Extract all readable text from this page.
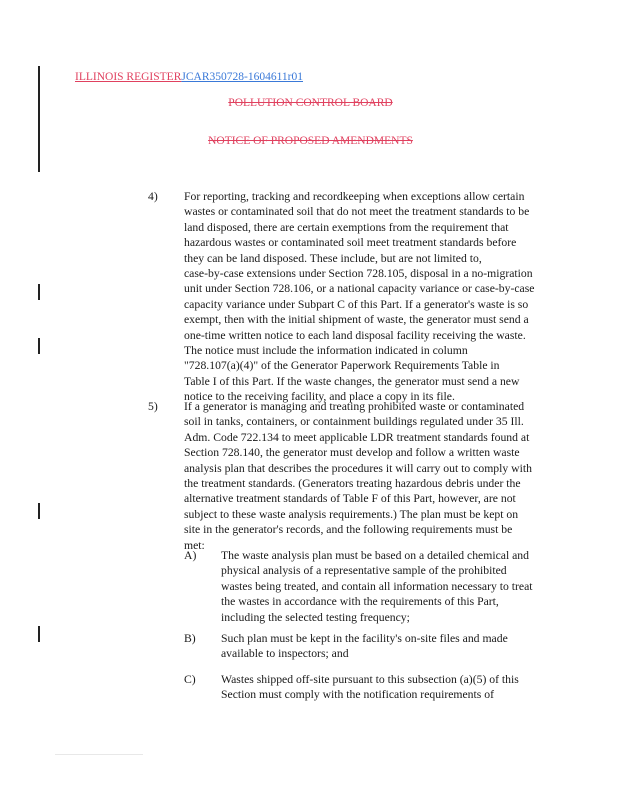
ILLINOIS REGISTERJCAR350728-1604611r01
POLLUTION CONTROL BOARD
NOTICE OF PROPOSED AMENDMENTS
4) For reporting, tracking and recordkeeping when exceptions allow certain
wastes or contaminated soil that do not meet the treatment standards to be
land disposed, there are certain exemptions from the requirement that
hazardous wastes or contaminated soil meet treatment standards before
they can be land disposed. These include, but are not limited to,
case-by-case extensions under Section 728.105, disposal in a no-migration
unit under Section 728.106, or a national capacity variance or case-by-case
capacity variance under Subpart C of this Part. If a generator's waste is so
exempt, then with the initial shipment of waste, the generator must send a
one-time written notice to each land disposal facility receiving the waste.
The notice must include the information indicated in column
"728.107(a)(4)" of the Generator Paperwork Requirements Table in
Table I of this Part. If the waste changes, the generator must send a new
notice to the receiving facility, and place a copy in its file.
5) If a generator is managing and treating prohibited waste or contaminated
soil in tanks, containers, or containment buildings regulated under 35 Ill.
Adm. Code 722.134 to meet applicable LDR treatment standards found at
Section 728.140, the generator must develop and follow a written waste
analysis plan that describes the procedures it will carry out to comply with
the treatment standards. (Generators treating hazardous debris under the
alternative treatment standards of Table F of this Part, however, are not
subject to these waste analysis requirements.) The plan must be kept on
site in the generator's records, and the following requirements must be
met:
A) The waste analysis plan must be based on a detailed chemical and
physical analysis of a representative sample of the prohibited
wastes being treated, and contain all information necessary to treat
the wastes in accordance with the requirements of this Part,
including the selected testing frequency;
B) Such plan must be kept in the facility's on-site files and made
available to inspectors; and
C) Wastes shipped off-site pursuant to this subsection (a)(5) of this
Section must comply with the notification requirements of
